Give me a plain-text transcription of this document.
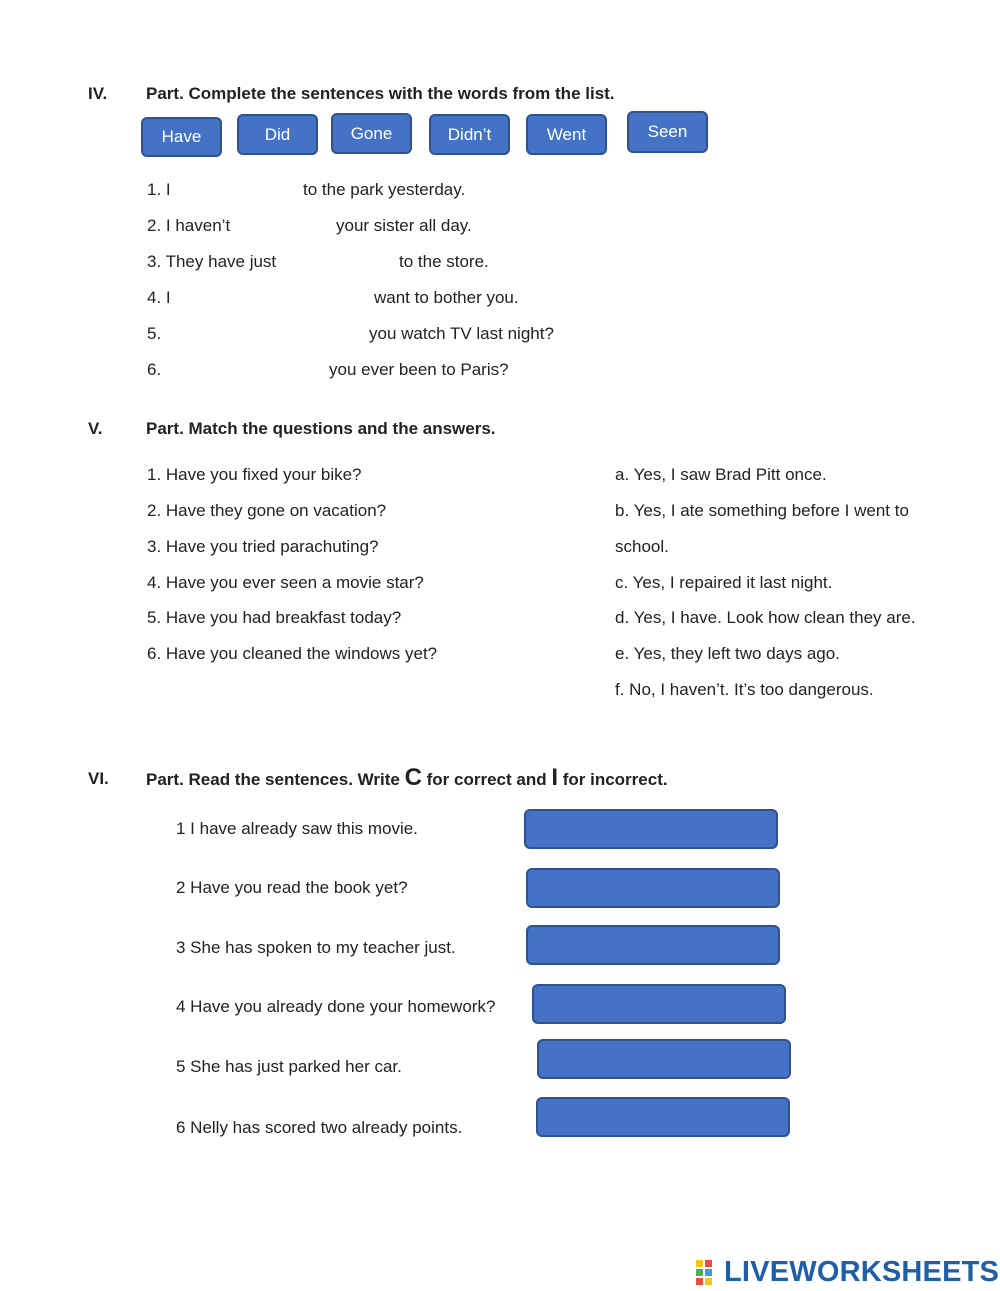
IV. Part. Complete the sentences with the words from the list.
Have	Did	Gone	Didn’t	Went	Seen
1. I	to the park yesterday.
2. I haven’t	your sister all day.
3. They have just	to the store.
4. I	want to bother you.
5.	you watch TV last night?
6.	you ever been to Paris?
V.	Part. Match the questions and the answers.
1. Have you fixed your bike?
2. Have they gone on vacation?
3. Have you tried parachuting?
4. Have you ever seen a movie star?
5. Have you had breakfast today?
6. Have you cleaned the windows yet?
a. Yes, I saw Brad Pitt once.
b. Yes, I ate something before I went to
school.
c. Yes, I repaired it last night.
d. Yes, I have. Look how clean they are.
e. Yes, they left two days ago.
f. No, I haven’t. It’s too dangerous.
VI. Part. Read the sentences. Write C for correct and I for incorrect.
1 I have already saw this movie.
2 Have you read the book yet?
3 She has spoken to my teacher just.
4 Have you already done your homework?
5 She has just parked her car.
6 Nelly has scored two already points.
LIVEWORKSHEETS
